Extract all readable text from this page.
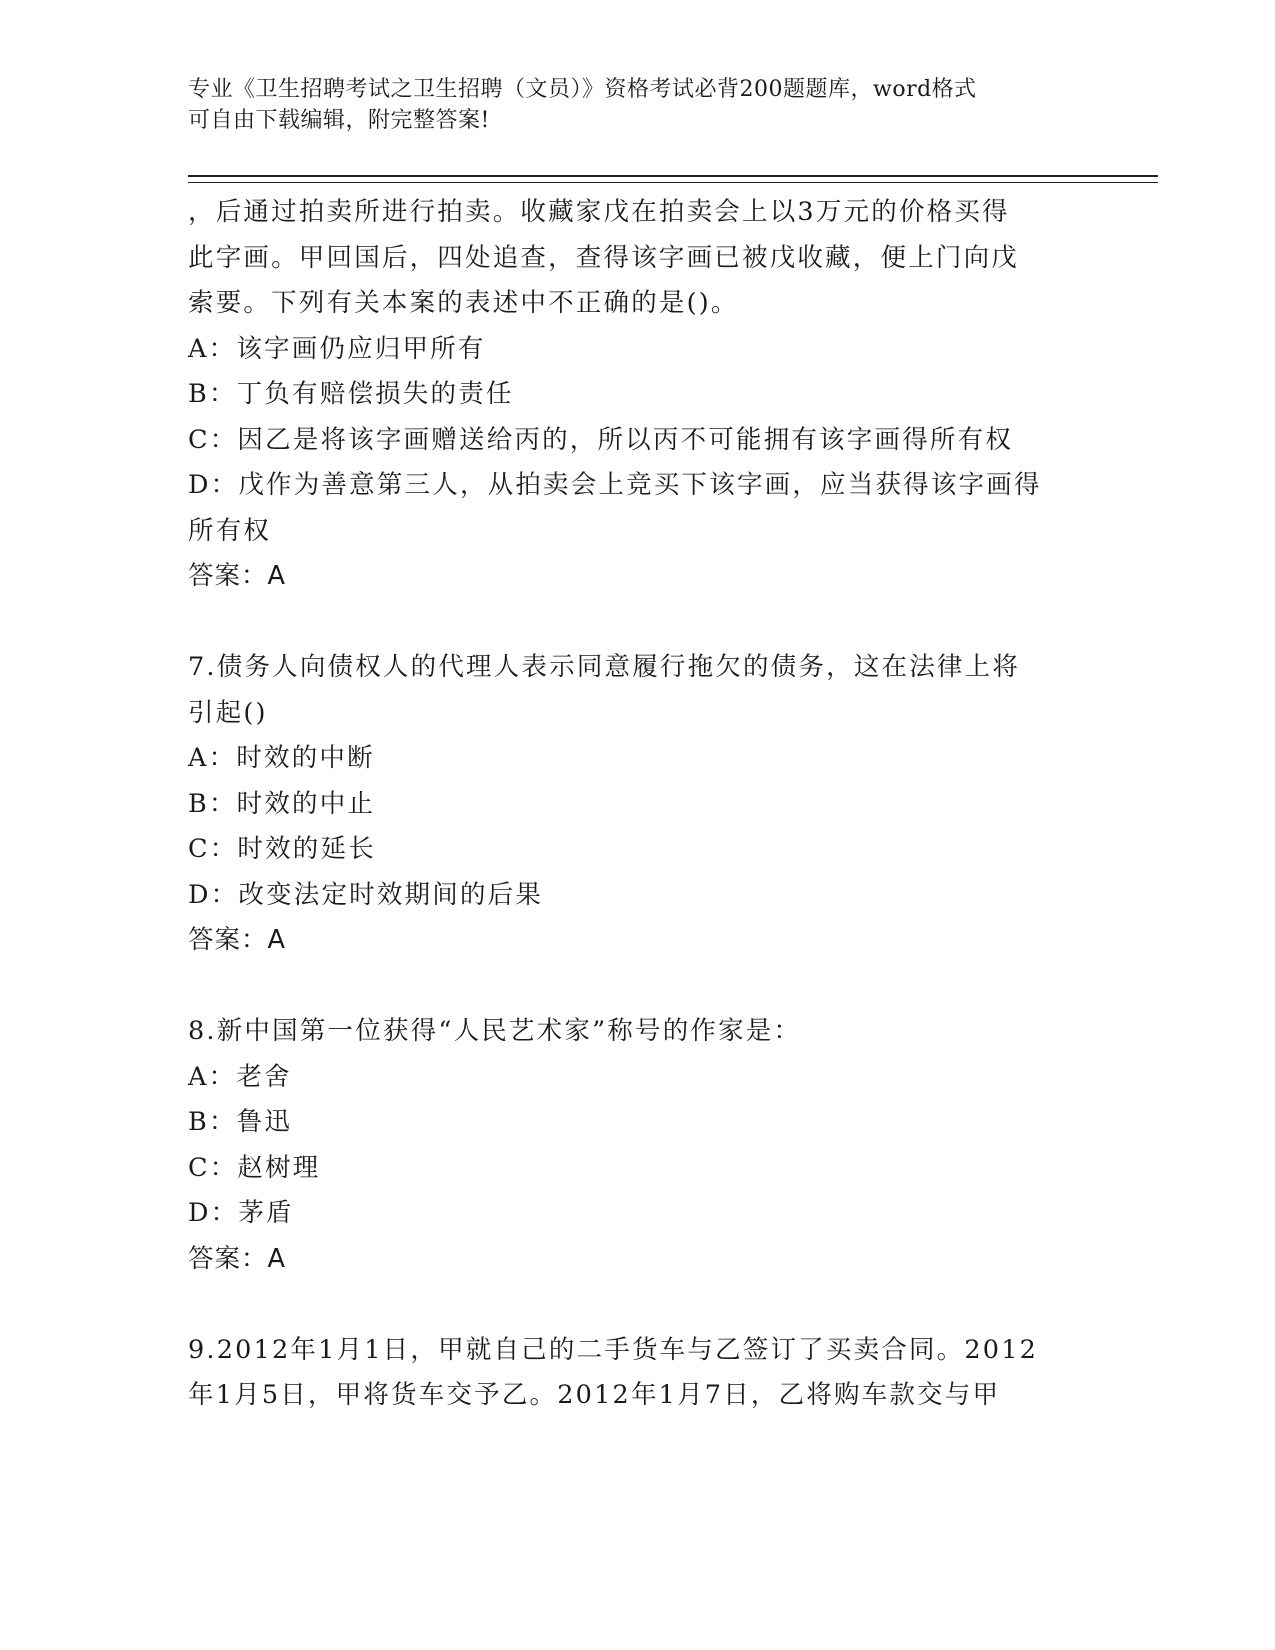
专业《卫生招聘考试之卫生招聘（文员）》资格考试必背200题题库，word格式
可自由下载编辑，附完整答案!
，后通过拍卖所进行拍卖。收藏家戊在拍卖会上以3万元的价格买得
此字画。甲回国后，四处追查，查得该字画已被戊收藏，便上门向戊
索要。下列有关本案的表述中不正确的是()。
A：该字画仍应归甲所有
B：丁负有赔偿损失的责任
C：因乙是将该字画赠送给丙的，所以丙不可能拥有该字画得所有权
D：戊作为善意第三人，从拍卖会上竞买下该字画，应当获得该字画得
所有权
答案：A
7.债务人向债权人的代理人表示同意履行拖欠的债务，这在法律上将
引起()
A：时效的中断
B：时效的中止
C：时效的延长
D：改变法定时效期间的后果
答案：A
8.新中国第一位获得“人民艺术家”称号的作家是：
A：老舍
B：鲁迅
C：赵树理
D：茅盾
答案：A
9.2012年1月1日，甲就自己的二手货车与乙签订了买卖合同。2012
年1月5日，甲将货车交予乙。2012年1月7日，乙将购车款交与甲
